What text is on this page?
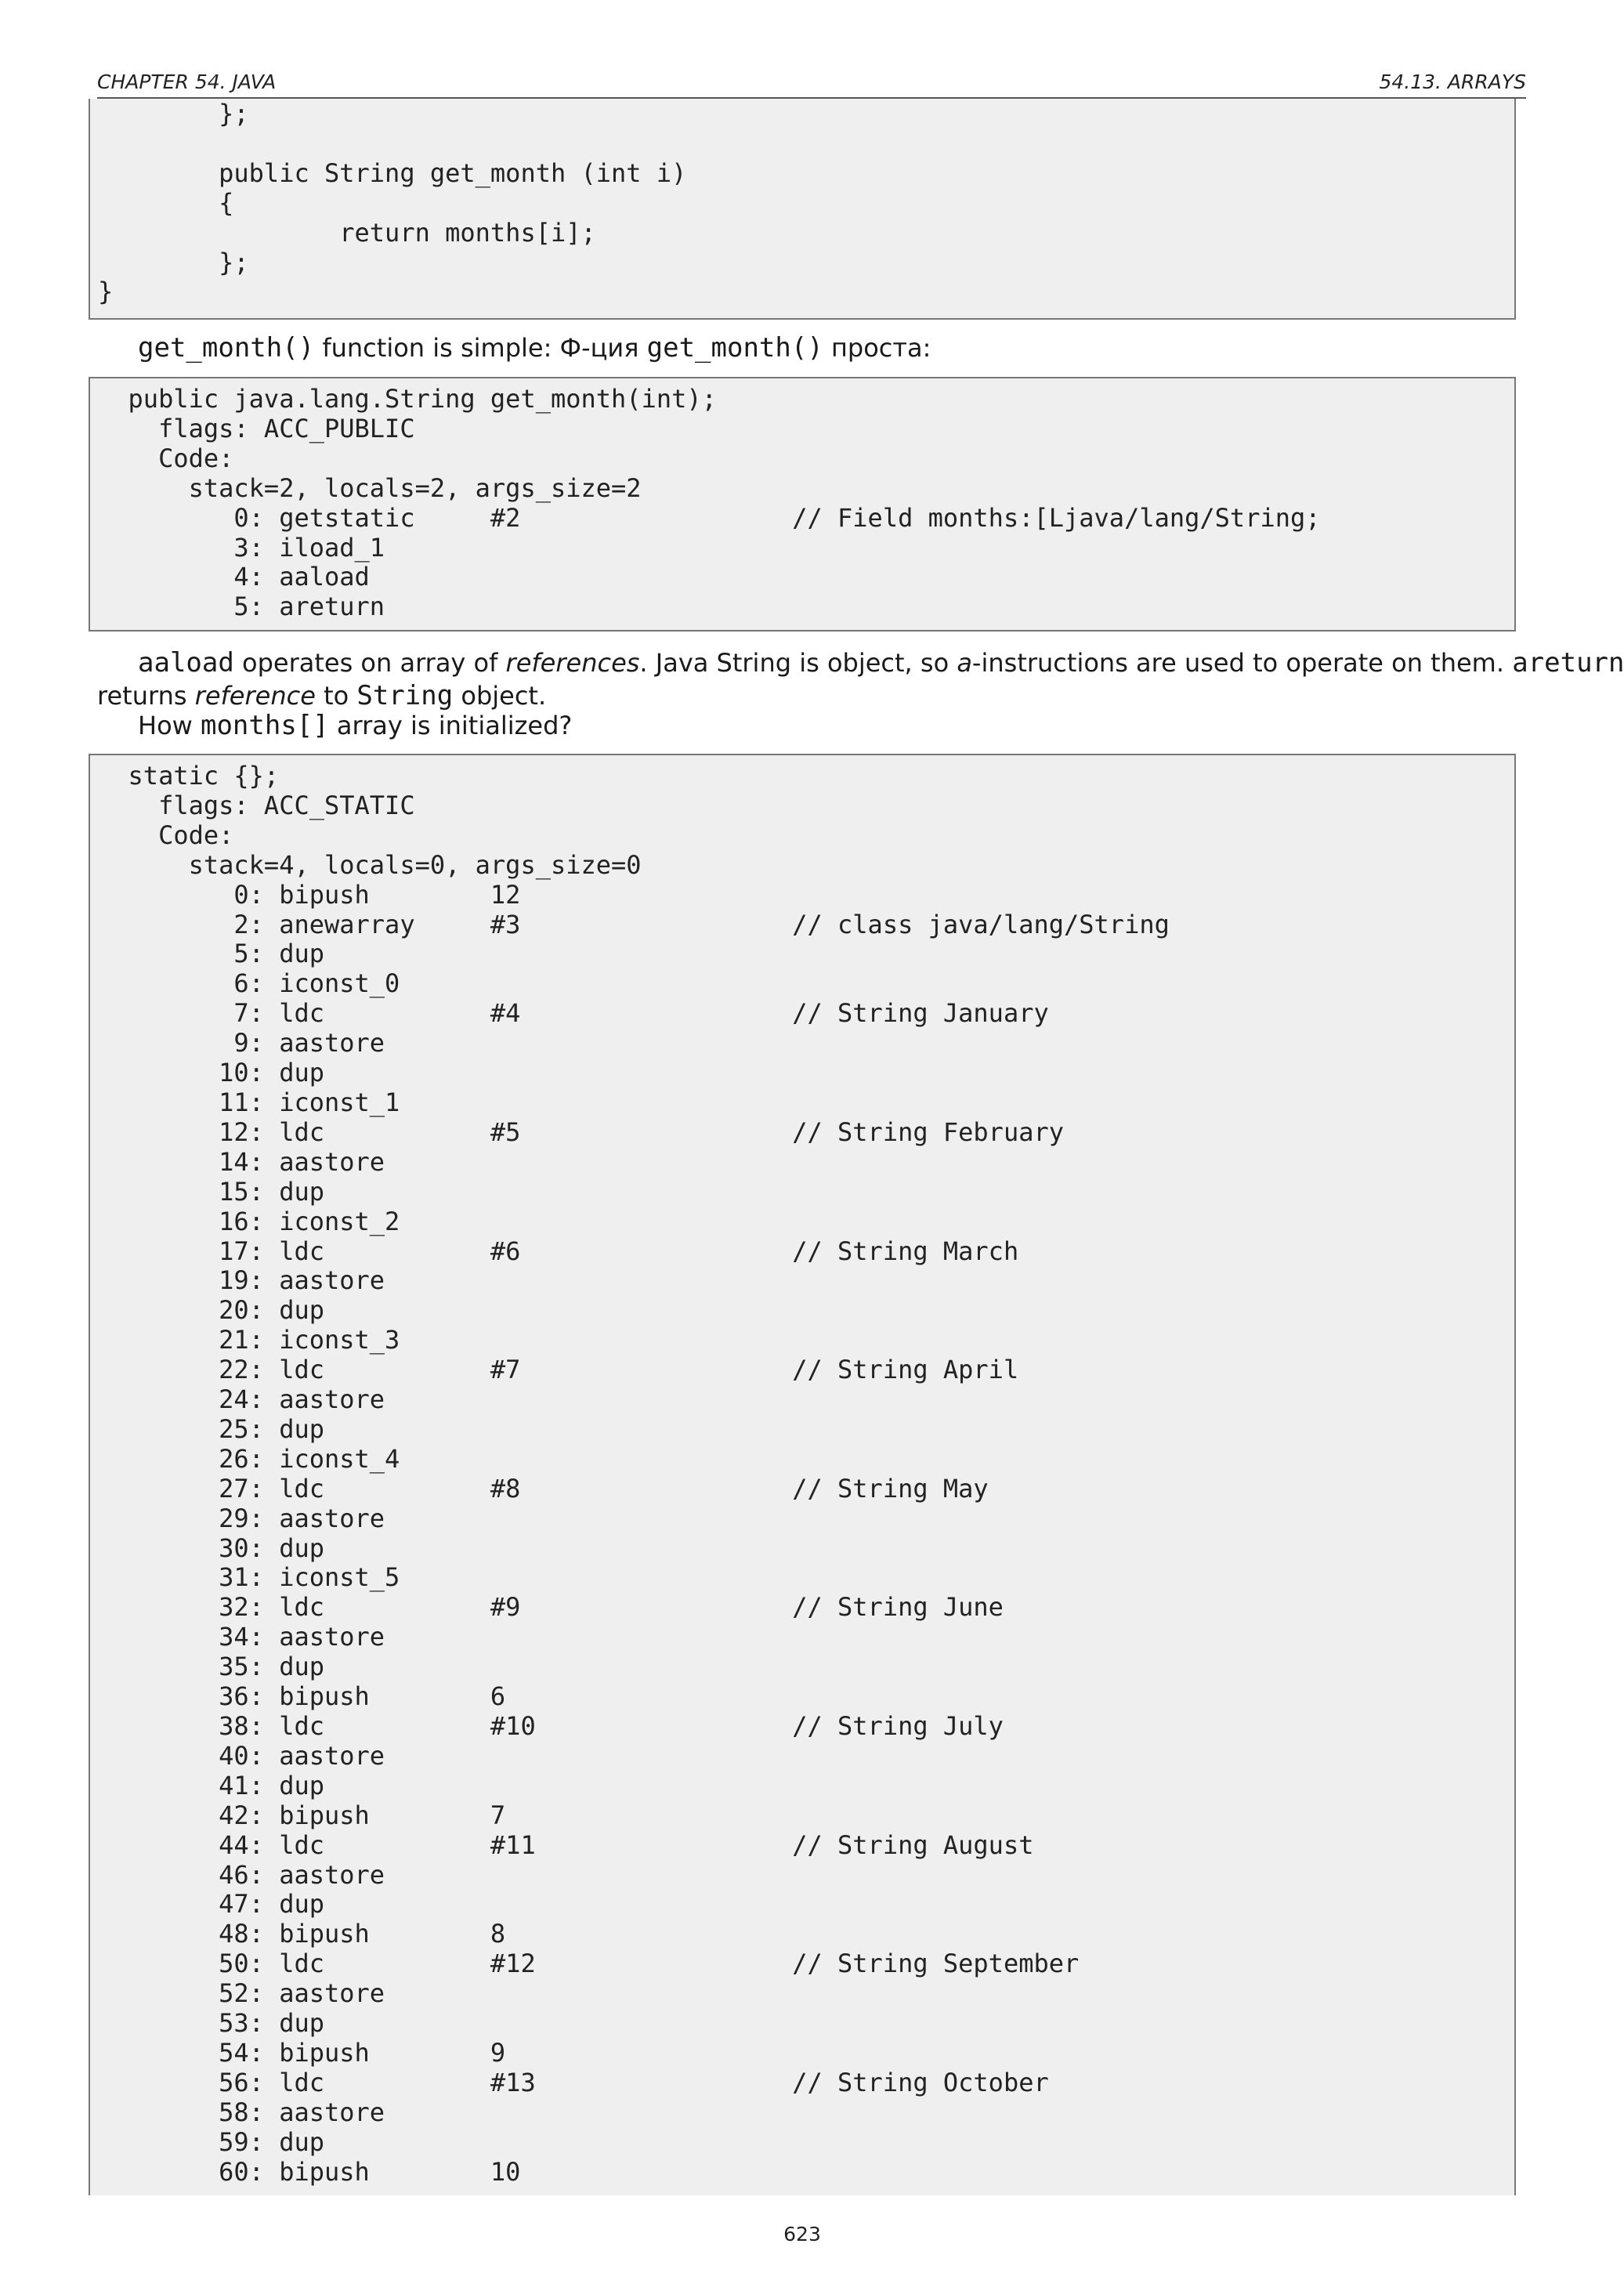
CHAPTER 54. JAVA	54.13. ARRAYS
};

public String get_month (int i)
{
return months[i];
};
}
get_month() function is simple: Ф-ция get_month() проста:
public java.lang.String get_month(int);
flags: ACC_PUBLIC
Code:
stack=2, locals=2, args_size=2
0: getstatic     #2                  // Field months:[Ljava/lang/String;
3: iload_1
4: aaload
5: areturn
aaload operates on array of references. Java String is object, so a-instructions are used to operate on them. areturn
returns reference to String object.
How months[] array is initialized?
static {};
flags: ACC_STATIC
Code:
stack=4, locals=0, args_size=0
0: bipush        12
2: anewarray     #3                  // class java/lang/String
5: dup
6: iconst_0
7: ldc           #4                  // String January
9: aastore
10: dup
11: iconst_1
12: ldc           #5                  // String February
14: aastore
15: dup
16: iconst_2
17: ldc           #6                  // String March
19: aastore
20: dup
21: iconst_3
22: ldc           #7                  // String April
24: aastore
25: dup
26: iconst_4
27: ldc           #8                  // String May
29: aastore
30: dup
31: iconst_5
32: ldc           #9                  // String June
34: aastore
35: dup
36: bipush        6
38: ldc           #10                 // String July
40: aastore
41: dup
42: bipush        7
44: ldc           #11                 // String August
46: aastore
47: dup
48: bipush        8
50: ldc           #12                 // String September
52: aastore
53: dup
54: bipush        9
56: ldc           #13                 // String October
58: aastore
59: dup
60: bipush        10
623
